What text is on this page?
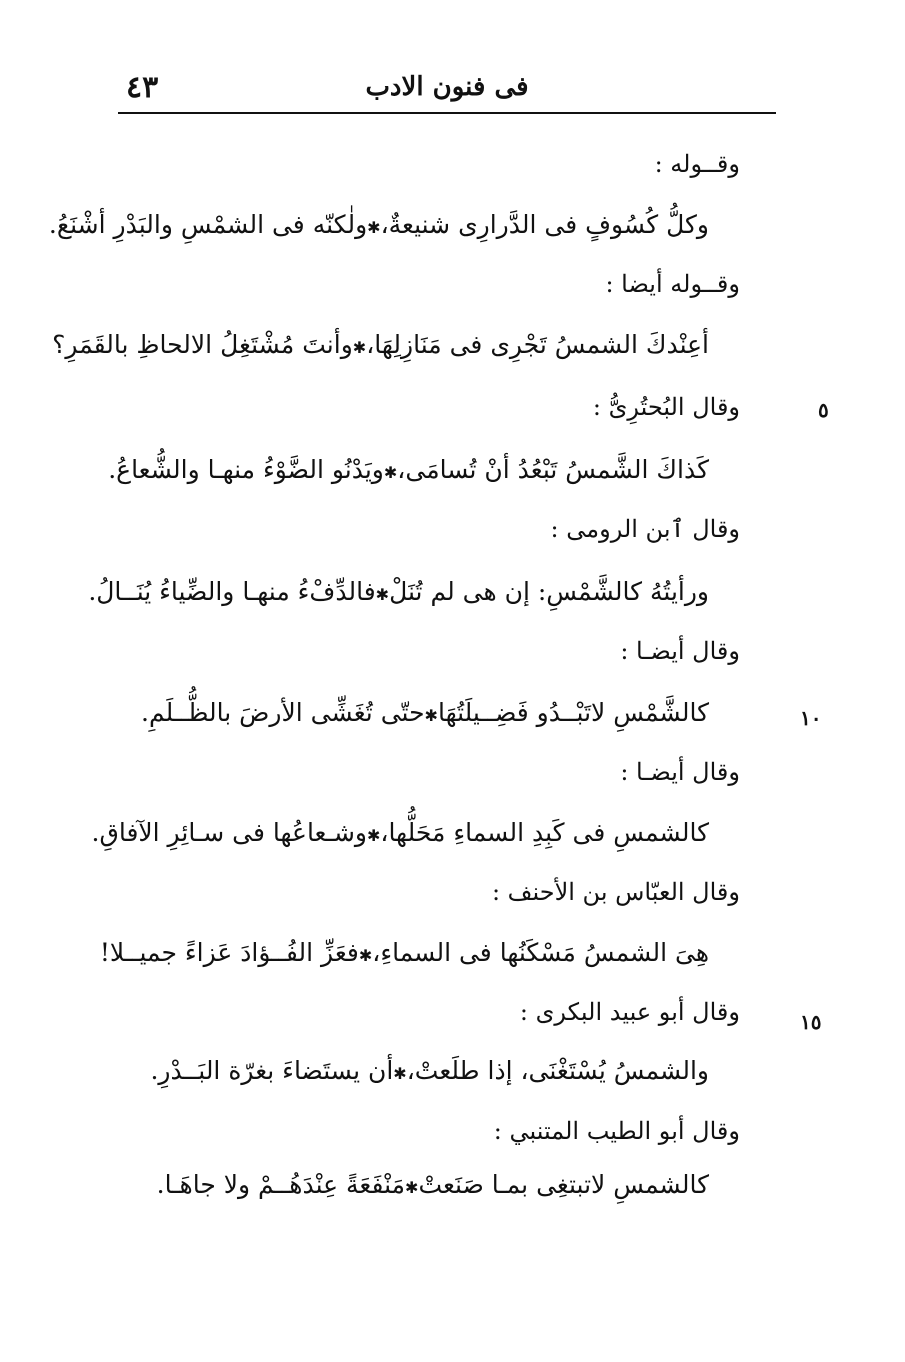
٤٣	فى فنون الادب
وقــوله :
وكلُّ كُسُوفٍ فى الدَّرارِى شنيعةٌ،
✱
ولٰكنّه فى الشمْسِ والبَدْرِ أشْنَعُ.
وقــوله أيضا :
أعِنْدكَ الشمسُ تَجْرِى فى مَنَازِلِهَا،
✱
وأنتَ مُشْتَغِلُ الالحاظِ بالقَمَرِ؟
وقال البُحتُرِىُّ :	٥
كَذاكَ الشَّمسُ تَبْعُدُ أنْ تُسامَى،
✱
ويَدْنُو الضَّوْءُ منهـا والشُّعاعُ.
وقال ٱبن الرومى :
ورأيتُهُ كالشَّمْسِ: إن هى لم تُنَلْ
✱
فالدِّفْءُ منهـا والضِّياءُ يُنَــالُ.
وقال أيضـا :
١٠
كالشَّمْسِ لاتَبْــدُو فَضِــيلَتُهَا
✱
حتّى تُغَشِّى الأرضَ بالظُّــلَمِ.
وقال أيضـا :
كالشمسِ فى كَبِدِ السماءِ مَحَلُّها،
✱
وشـعاعُها فى سـائِرِ الآفاقِ.
وقال العبّاس بن الأحنف :
هِىَ الشمسُ مَسْكَنُها فى السماءِ،
✱
فعَزِّ الفُــؤادَ عَزاءً جميــلا!
وقال أبو عبيد البكرى :	١٥
والشمسُ يُسْتَغْنَى، إذا طلَعتْ،
✱
أن يستَضاءَ بغرّة البَــدْرِ.
وقال أبو الطيب المتنبي :
كالشمسِ لاتبتغِى بمـا صَنَعتْ
✱
مَنْفَعَةً عِنْدَهُــمْ ولا جاهَـا.
